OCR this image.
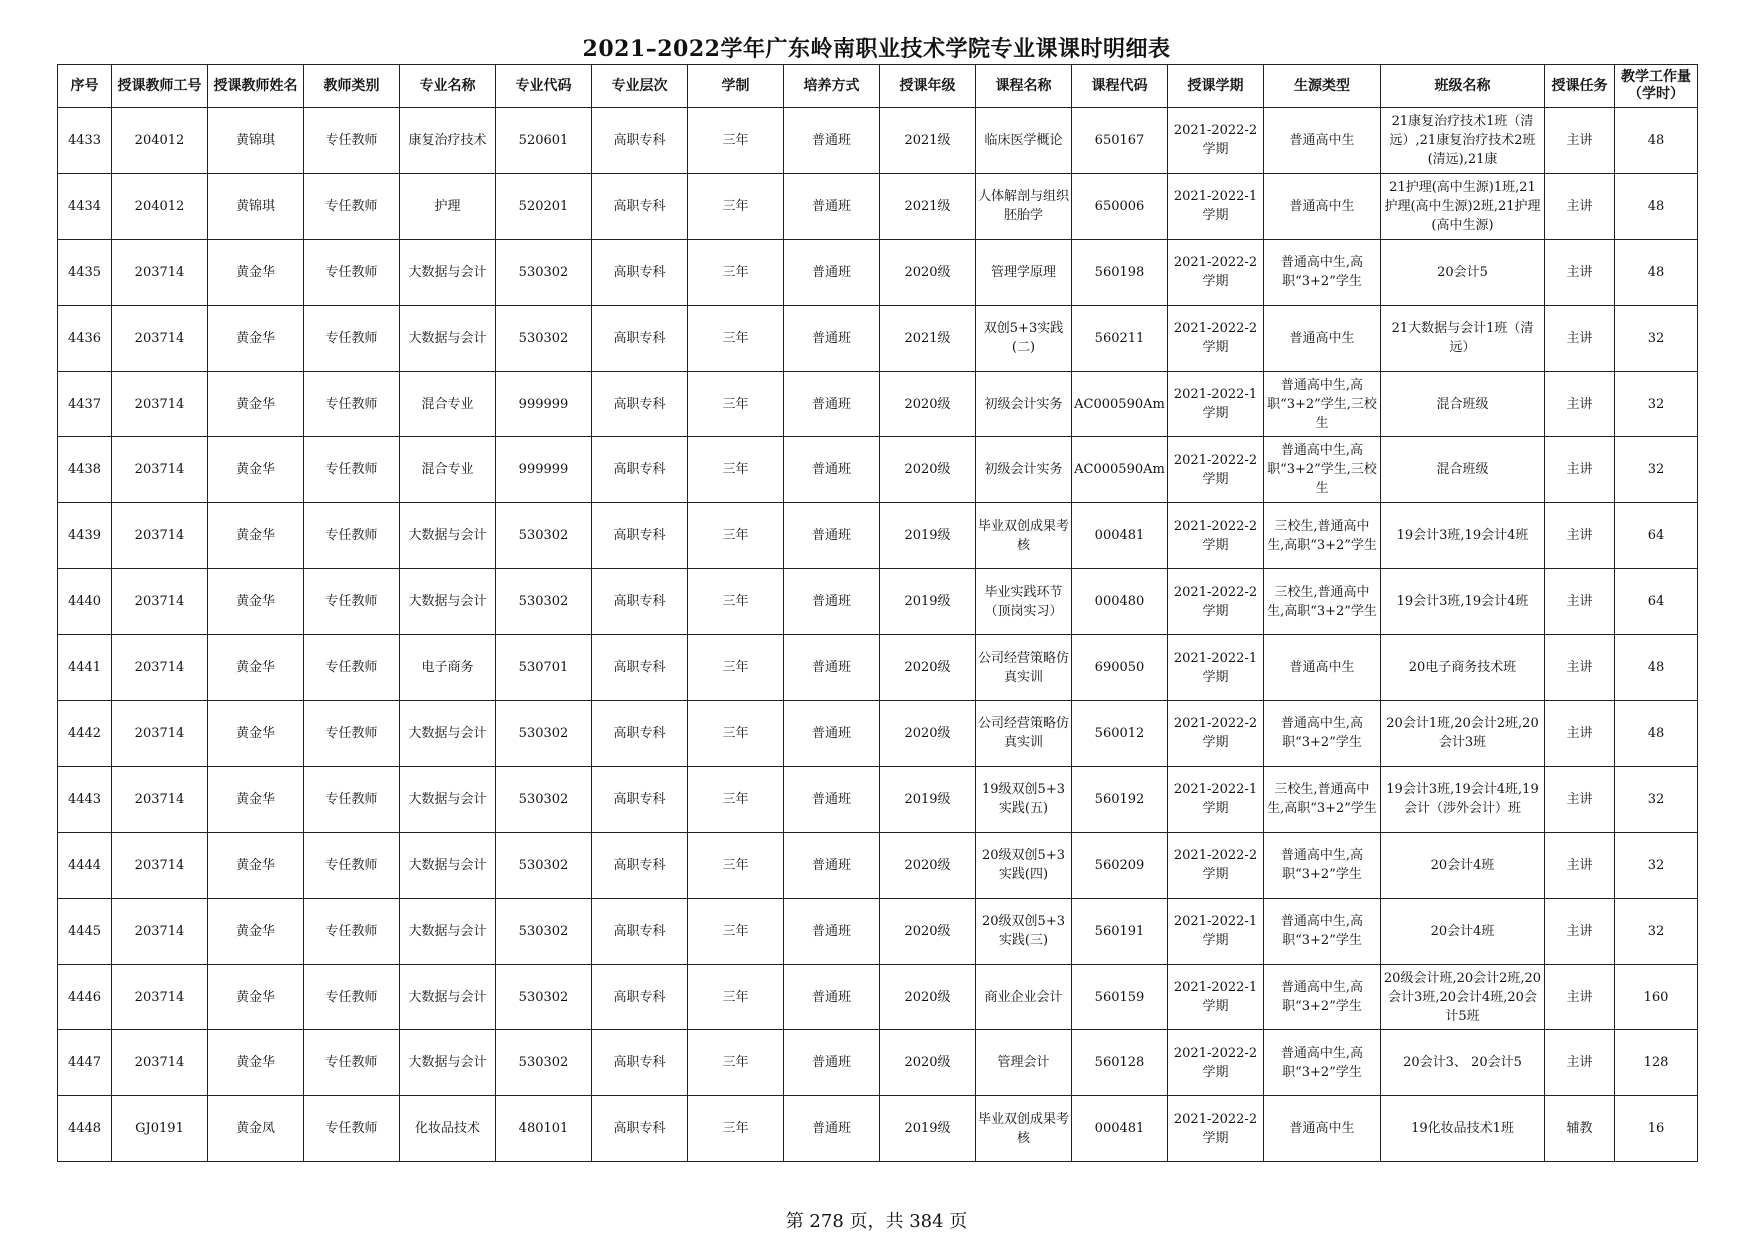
2021–2022学年广东岭南职业技术学院专业课课时明细表
序号	授课教师工号	授课教师姓名	教师类别	专业名称	专业代码	专业层次	学制	培养方式	授课年级	课程名称	课程代码	授课学期	生源类型	班级名称	授课任务	教学工作量（学时）

4433	204012	黄锦琪	专任教师	康复治疗技术	520601	高职专科	三年	普通班	2021级	临床医学概论	650167	2021-2022-2学期	普通高中生	21康复治疗技术1班（清远）,21康复治疗技术2班(清远),21康	主讲	48

4434	204012	黄锦琪	专任教师	护理	520201	高职专科	三年	普通班	2021级	人体解剖与组织胚胎学	650006	2021-2022-1学期	普通高中生	21护理(高中生源)1班,21护理(高中生源)2班,21护理(高中生源)	主讲	48

4435	203714	黄金华	专任教师	大数据与会计	530302	高职专科	三年	普通班	2020级	管理学原理	560198	2021-2022-2学期	普通高中生,高职“3+2”学生	20会计5	主讲	48

4436	203714	黄金华	专任教师	大数据与会计	530302	高职专科	三年	普通班	2021级	双创5+3实践(二)	560211	2021-2022-2学期	普通高中生	21大数据与会计1班（清远）	主讲	32

4437	203714	黄金华	专任教师	混合专业	999999	高职专科	三年	普通班	2020级	初级会计实务	AC000590Am	2021-2022-1学期	普通高中生,高职“3+2”学生,三校生	混合班级	主讲	32

4438	203714	黄金华	专任教师	混合专业	999999	高职专科	三年	普通班	2020级	初级会计实务	AC000590Am	2021-2022-2学期	普通高中生,高职“3+2”学生,三校生	混合班级	主讲	32

4439	203714	黄金华	专任教师	大数据与会计	530302	高职专科	三年	普通班	2019级	毕业双创成果考核	000481	2021-2022-2学期	三校生,普通高中生,高职“3+2”学生	19会计3班,19会计4班	主讲	64

4440	203714	黄金华	专任教师	大数据与会计	530302	高职专科	三年	普通班	2019级	毕业实践环节（顶岗实习）	000480	2021-2022-2学期	三校生,普通高中生,高职“3+2”学生	19会计3班,19会计4班	主讲	64

4441	203714	黄金华	专任教师	电子商务	530701	高职专科	三年	普通班	2020级	公司经营策略仿真实训	690050	2021-2022-1学期	普通高中生	20电子商务技术班	主讲	48

4442	203714	黄金华	专任教师	大数据与会计	530302	高职专科	三年	普通班	2020级	公司经营策略仿真实训	560012	2021-2022-2学期	普通高中生,高职“3+2”学生	20会计1班,20会计2班,20会计3班	主讲	48

4443	203714	黄金华	专任教师	大数据与会计	530302	高职专科	三年	普通班	2019级	19级双创5+3实践(五)	560192	2021-2022-1学期	三校生,普通高中生,高职“3+2”学生	19会计3班,19会计4班,19会计（涉外会计）班	主讲	32

4444	203714	黄金华	专任教师	大数据与会计	530302	高职专科	三年	普通班	2020级	20级双创5+3实践(四)	560209	2021-2022-2学期	普通高中生,高职“3+2”学生	20会计4班	主讲	32

4445	203714	黄金华	专任教师	大数据与会计	530302	高职专科	三年	普通班	2020级	20级双创5+3实践(三)	560191	2021-2022-1学期	普通高中生,高职“3+2”学生	20会计4班	主讲	32

4446	203714	黄金华	专任教师	大数据与会计	530302	高职专科	三年	普通班	2020级	商业企业会计	560159	2021-2022-1学期	普通高中生,高职“3+2”学生	20级会计班,20会计2班,20会计3班,20会计4班,20会计5班	主讲	160

4447	203714	黄金华	专任教师	大数据与会计	530302	高职专科	三年	普通班	2020级	管理会计	560128	2021-2022-2学期	普通高中生,高职“3+2”学生	20会计3、 20会计5	主讲	128

4448	GJ0191	黄金凤	专任教师	化妆品技术	480101	高职专科	三年	普通班	2019级	毕业双创成果考核	000481	2021-2022-2学期	普通高中生	19化妆品技术1班	辅教	16
第 278 页，共 384 页
